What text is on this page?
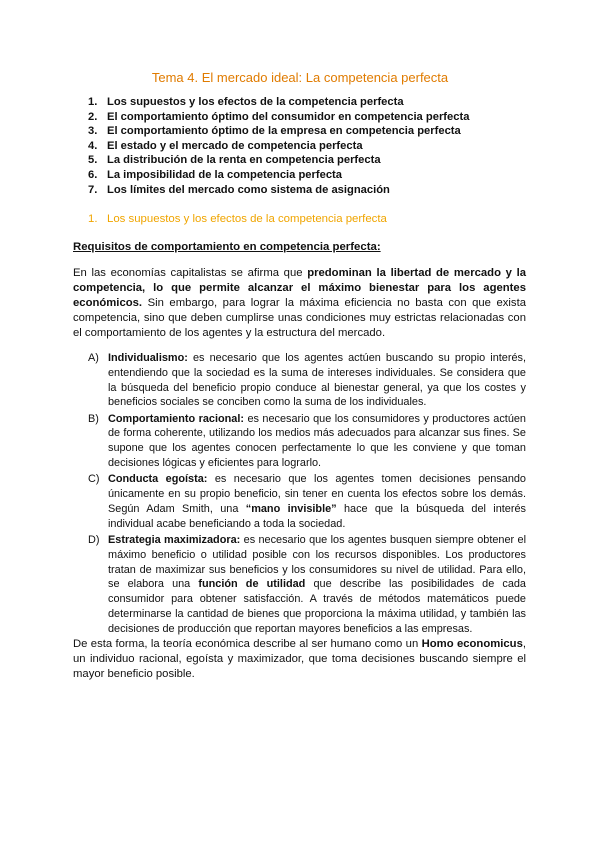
Tema 4. El mercado ideal: La competencia perfecta
1. Los supuestos y los efectos de la competencia perfecta
2. El comportamiento óptimo del consumidor en competencia perfecta
3. El comportamiento óptimo de la empresa en competencia perfecta
4. El estado y el mercado de competencia perfecta
5. La distribución de la renta en competencia perfecta
6. La imposibilidad de la competencia perfecta
7. Los límites del mercado como sistema de asignación
1. Los supuestos y los efectos de la competencia perfecta
Requisitos de comportamiento en competencia perfecta:

En las economías capitalistas se afirma que predominan la libertad de mercado y la competencia, lo que permite alcanzar el máximo bienestar para los agentes económicos. Sin embargo, para lograr la máxima eficiencia no basta con que exista competencia, sino que deben cumplirse unas condiciones muy estrictas relacionadas con el comportamiento de los agentes y la estructura del mercado.

A) Individualismo: es necesario que los agentes actúen buscando su propio interés, entendiendo que la sociedad es la suma de intereses individuales. Se considera que la búsqueda del beneficio propio conduce al bienestar general, ya que los costes y beneficios sociales se conciben como la suma de los individuales.
B) Comportamiento racional: es necesario que los consumidores y productores actúen de forma coherente, utilizando los medios más adecuados para alcanzar sus fines. Se supone que los agentes conocen perfectamente lo que les conviene y que toman decisiones lógicas y eficientes para lograrlo.
C) Conducta egoísta: es necesario que los agentes tomen decisiones pensando únicamente en su propio beneficio, sin tener en cuenta los efectos sobre los demás. Según Adam Smith, una “mano invisible” hace que la búsqueda del interés individual acabe beneficiando a toda la sociedad.
D) Estrategia maximizadora: es necesario que los agentes busquen siempre obtener el máximo beneficio o utilidad posible con los recursos disponibles. Los productores tratan de maximizar sus beneficios y los consumidores su nivel de utilidad. Para ello, se elabora una función de utilidad que describe las posibilidades de cada consumidor para obtener satisfacción. A través de métodos matemáticos puede determinarse la cantidad de bienes que proporciona la máxima utilidad, y también las decisiones de producción que reportan mayores beneficios a las empresas.

De esta forma, la teoría económica describe al ser humano como un Homo economicus, un individuo racional, egoísta y maximizador, que toma decisiones buscando siempre el mayor beneficio posible.
